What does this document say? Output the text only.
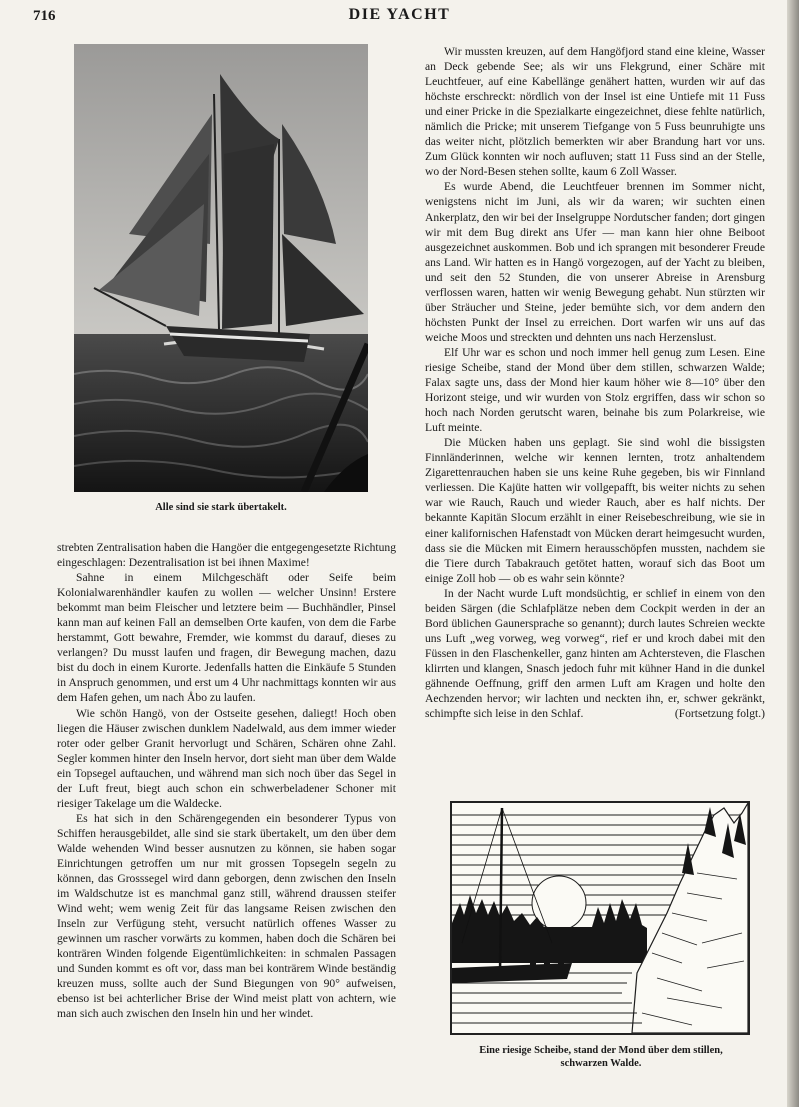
716	DIE YACHT
Alle sind sie stark übertakelt.

strebten Zentralisation haben die Hangöer die entgegengesetzte Richtung eingeschlagen: Dezentralisation ist bei ihnen Maxime!

Sahne in einem Milchgeschäft oder Seife beim Kolonialwarenhändler kaufen zu wollen — welcher Unsinn! Erstere bekommt man beim Fleischer und letztere beim — Buchhändler, Pinsel kann man auf keinen Fall an demselben Orte kaufen, von dem die Farbe herstammt, Gott bewahre, Fremder, wie kommst du darauf, dieses zu verlangen? Du musst laufen und fragen, dir Bewegung machen, dazu bist du doch in einem Kurorte. Jedenfalls hatten die Einkäufe 5 Stunden in Anspruch genommen, und erst um 4 Uhr nachmittags konnten wir aus dem Hafen gehen, um nach Åbo zu laufen.

Wie schön Hangö, von der Ostseite gesehen, daliegt! Hoch oben liegen die Häuser zwischen dunklem Nadelwald, aus dem immer wieder roter oder gelber Granit hervorlugt und Schären, Schären ohne Zahl. Segler kommen hinter den Inseln hervor, dort sieht man über dem Walde ein Topsegel auftauchen, und während man sich noch über das Segel in der Luft freut, biegt auch schon ein schwerbeladener Schoner mit riesiger Takelage um die Waldecke.

Es hat sich in den Schärengegenden ein besonderer Typus von Schiffen herausgebildet, alle sind sie stark übertakelt, um den über dem Walde wehenden Wind besser ausnutzen zu können, sie haben sogar Einrichtungen getroffen um nur mit grossen Topsegeln segeln zu können, das Grosssegel wird dann geborgen, denn zwischen den Inseln im Waldschutze ist es manchmal ganz still, während draussen steifer Wind weht; wem wenig Zeit für das langsame Reisen zwischen den Inseln zur Verfügung steht, versucht natürlich offenes Wasser zu gewinnen um rascher vorwärts zu kommen, haben doch die Schären bei konträren Winden folgende Eigentümlichkeiten: in schmalen Passagen und Sunden kommt es oft vor, dass man bei konträrem Winde beständig kreuzen muss, sollte auch der Sund Biegungen von 90° aufweisen, ebenso ist bei achterlicher Brise der Wind meist platt von achtern, wie man sich auch zwischen den Inseln hin und her windet.

Wir mussten kreuzen, auf dem Hangöfjord stand eine kleine, Wasser an Deck gebende See; als wir uns Flekgrund, einer Schäre mit Leuchtfeuer, auf eine Kabellänge genähert hatten, wurden wir auf das höchste erschreckt: nördlich von der Insel ist eine Untiefe mit 11 Fuss und einer Pricke in die Spezialkarte eingezeichnet, diese fehlte natürlich, nämlich die Pricke; mit unserem Tiefgange von 5 Fuss beunruhigte uns das weiter nicht, plötzlich bemerkten wir aber Brandung hart vor uns. Zum Glück konnten wir noch aufluven; statt 11 Fuss sind an der Stelle, wo der Nord-Besen stehen sollte, kaum 6 Zoll Wasser.

Es wurde Abend, die Leuchtfeuer brennen im Sommer nicht, wenigstens nicht im Juni, als wir da waren; wir suchten einen Ankerplatz, den wir bei der Inselgruppe Nordutscher fanden; dort gingen wir mit dem Bug direkt ans Ufer — man kann hier ohne Beiboot ausgezeichnet auskommen. Bob und ich sprangen mit besonderer Freude ans Land. Wir hatten es in Hangö vorgezogen, auf der Yacht zu bleiben, und seit den 52 Stunden, die von unserer Abreise in Arensburg verflossen waren, hatten wir wenig Bewegung gehabt. Nun stürzten wir über Sträucher und Steine, jeder bemühte sich, vor dem andern den höchsten Punkt der Insel zu erreichen. Dort warfen wir uns auf das weiche Moos und streckten und dehnten uns nach Herzenslust.

Elf Uhr war es schon und noch immer hell genug zum Lesen. Eine riesige Scheibe, stand der Mond über dem stillen, schwarzen Walde; Falax sagte uns, dass der Mond hier kaum höher wie 8—10° über den Horizont steige, und wir wurden von Stolz ergriffen, dass wir schon so hoch nach Norden gerutscht waren, beinahe bis zum Polarkreise, wie Luft meinte.

Die Mücken haben uns geplagt. Sie sind wohl die bissigsten Finnländerinnen, welche wir kennen lernten, trotz anhaltendem Zigarettenrauchen haben sie uns keine Ruhe gegeben, bis wir Finnland verliessen. Die Kajüte hatten wir vollgepafft, bis weiter nichts zu sehen war wie Rauch, Rauch und wieder Rauch, aber es half nichts. Der bekannte Kapitän Slocum erzählt in einer Reisebeschreibung, wie sie in einer kalifornischen Hafenstadt von Mücken derart heimgesucht wurden, dass sie die Mücken mit Eimern herausschöpfen mussten, nachdem sie die Tiere durch Tabakrauch getötet hatten, worauf sich das Boot um einige Zoll hob — ob es wahr sein könnte?

In der Nacht wurde Luft mondsüchtig, er schlief in einem von den beiden Särgen (die Schlafplätze neben dem Cockpit werden in der an Bord üblichen Gaunersprache so genannt); durch lautes Schreien weckte uns Luft „weg vorweg, weg vorweg“, rief er und kroch dabei mit den Füssen in den Flaschenkeller, ganz hinten am Achtersteven, die Flaschen klirrten und klangen, Snasch jedoch fuhr mit kühner Hand in die dunkel gähnende Oeffnung, griff den armen Luft am Kragen und holte den Aechzenden hervor; wir lachten und neckten ihn, er, schwer gekränkt, schimpfte sich leise in den Schlaf.	(Fortsetzung folgt.)

Eine riesige Scheibe, stand der Mond über dem stillen,
schwarzen Walde.
